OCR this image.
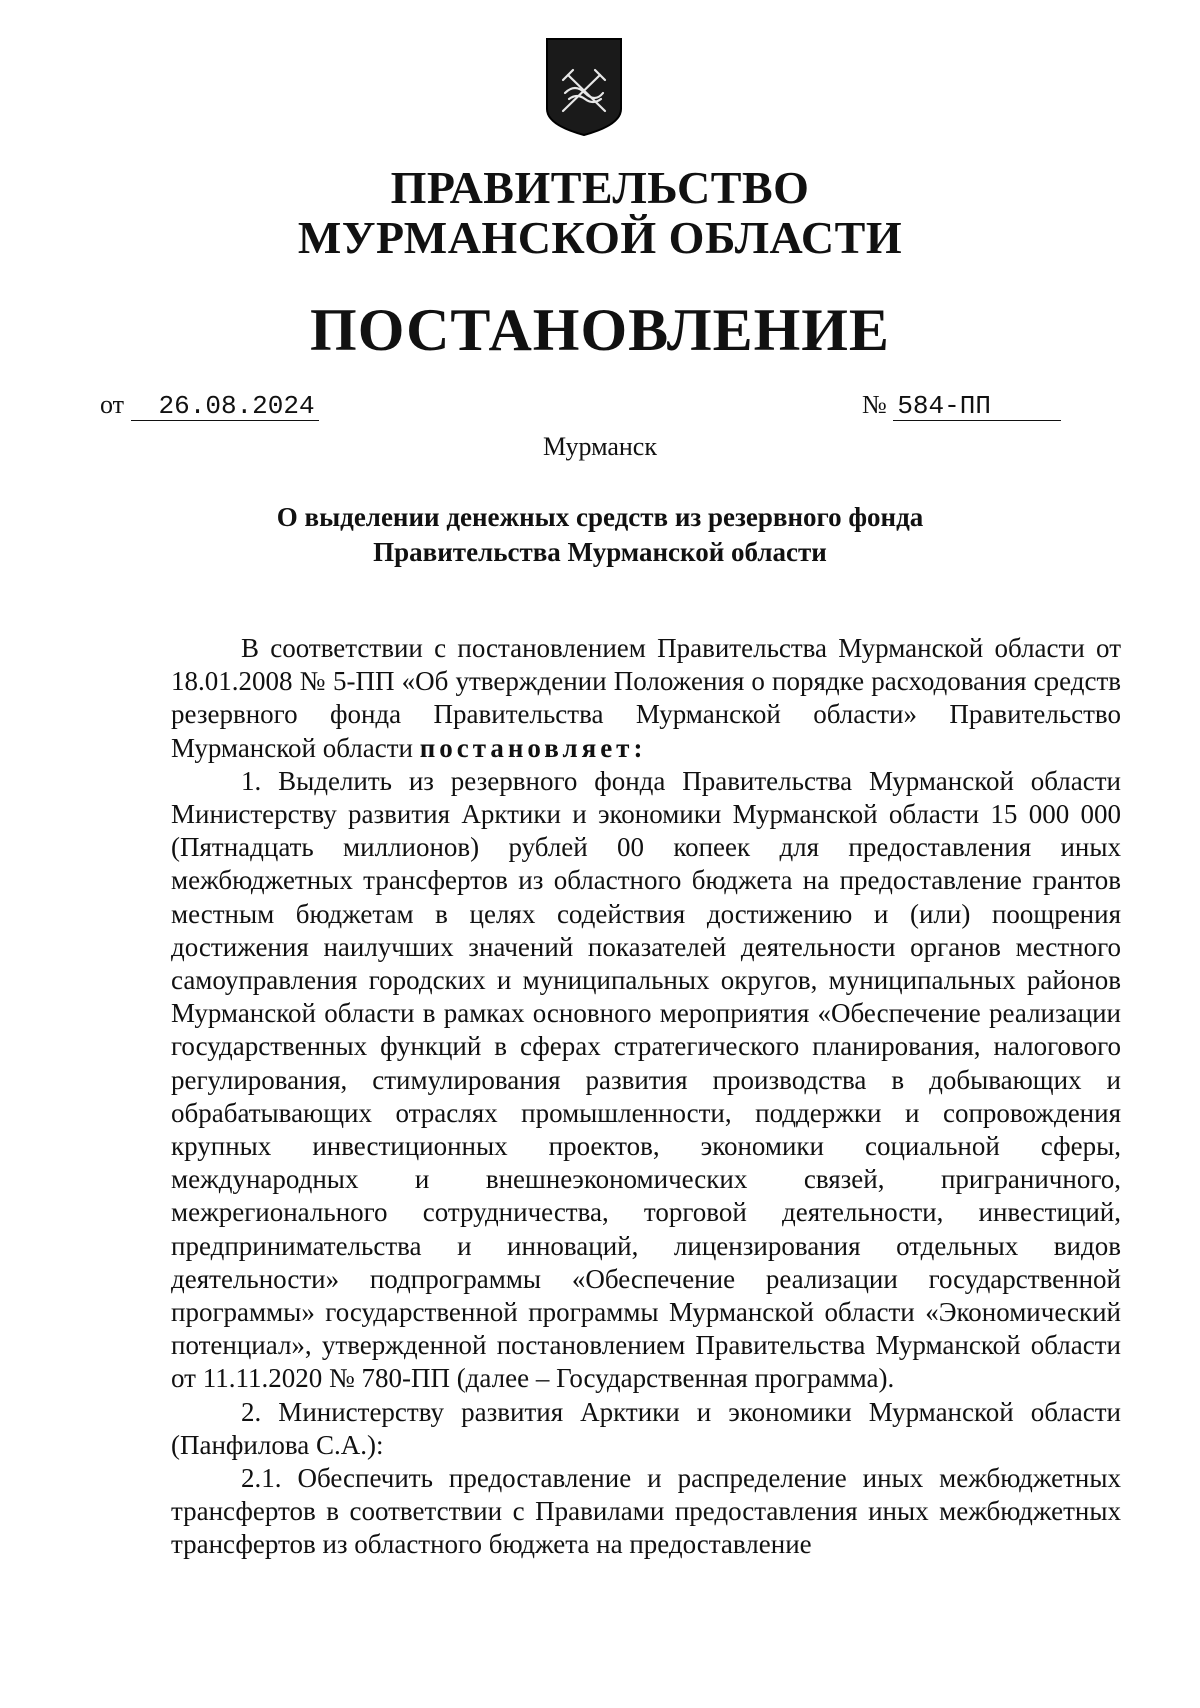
ПРАВИТЕЛЬСТВО
МУРМАНСКОЙ ОБЛАСТИ
ПОСТАНОВЛЕНИЕ
от 26.08.2024	№ 584-ПП
Мурманск
О выделении денежных средств из резервного фонда
Правительства Мурманской области

В соответствии с постановлением Правительства Мурманской области от 18.01.2008 № 5-ПП «Об утверждении Положения о порядке расходования средств резервного фонда Правительства Мурманской области» Правительство Мурманской области постановляет:

1. Выделить из резервного фонда Правительства Мурманской области Министерству развития Арктики и экономики Мурманской области 15 000 000 (Пятнадцать миллионов) рублей 00 копеек для предоставления иных межбюджетных трансфертов из областного бюджета на предоставление грантов местным бюджетам в целях содействия достижению и (или) поощрения достижения наилучших значений показателей деятельности органов местного самоуправления городских и муниципальных округов, муниципальных районов Мурманской области в рамках основного мероприятия «Обеспечение реализации государственных функций в сферах стратегического планирования, налогового регулирования, стимулирования развития производства в добывающих и обрабатывающих отраслях промышленности, поддержки и сопровождения крупных инвестиционных проектов, экономики социальной сферы, международных и внешнеэкономических связей, приграничного, межрегионального сотрудничества, торговой деятельности, инвестиций, предпринимательства и инноваций, лицензирования отдельных видов деятельности» подпрограммы «Обеспечение реализации государственной программы» государственной программы Мурманской области «Экономический потенциал», утвержденной постановлением Правительства Мурманской области от 11.11.2020 № 780-ПП (далее – Государственная программа).

2. Министерству развития Арктики и экономики Мурманской области (Панфилова С.А.):

2.1. Обеспечить предоставление и распределение иных межбюджетных трансфертов в соответствии с Правилами предоставления иных межбюджетных трансфертов из областного бюджета на предоставление
